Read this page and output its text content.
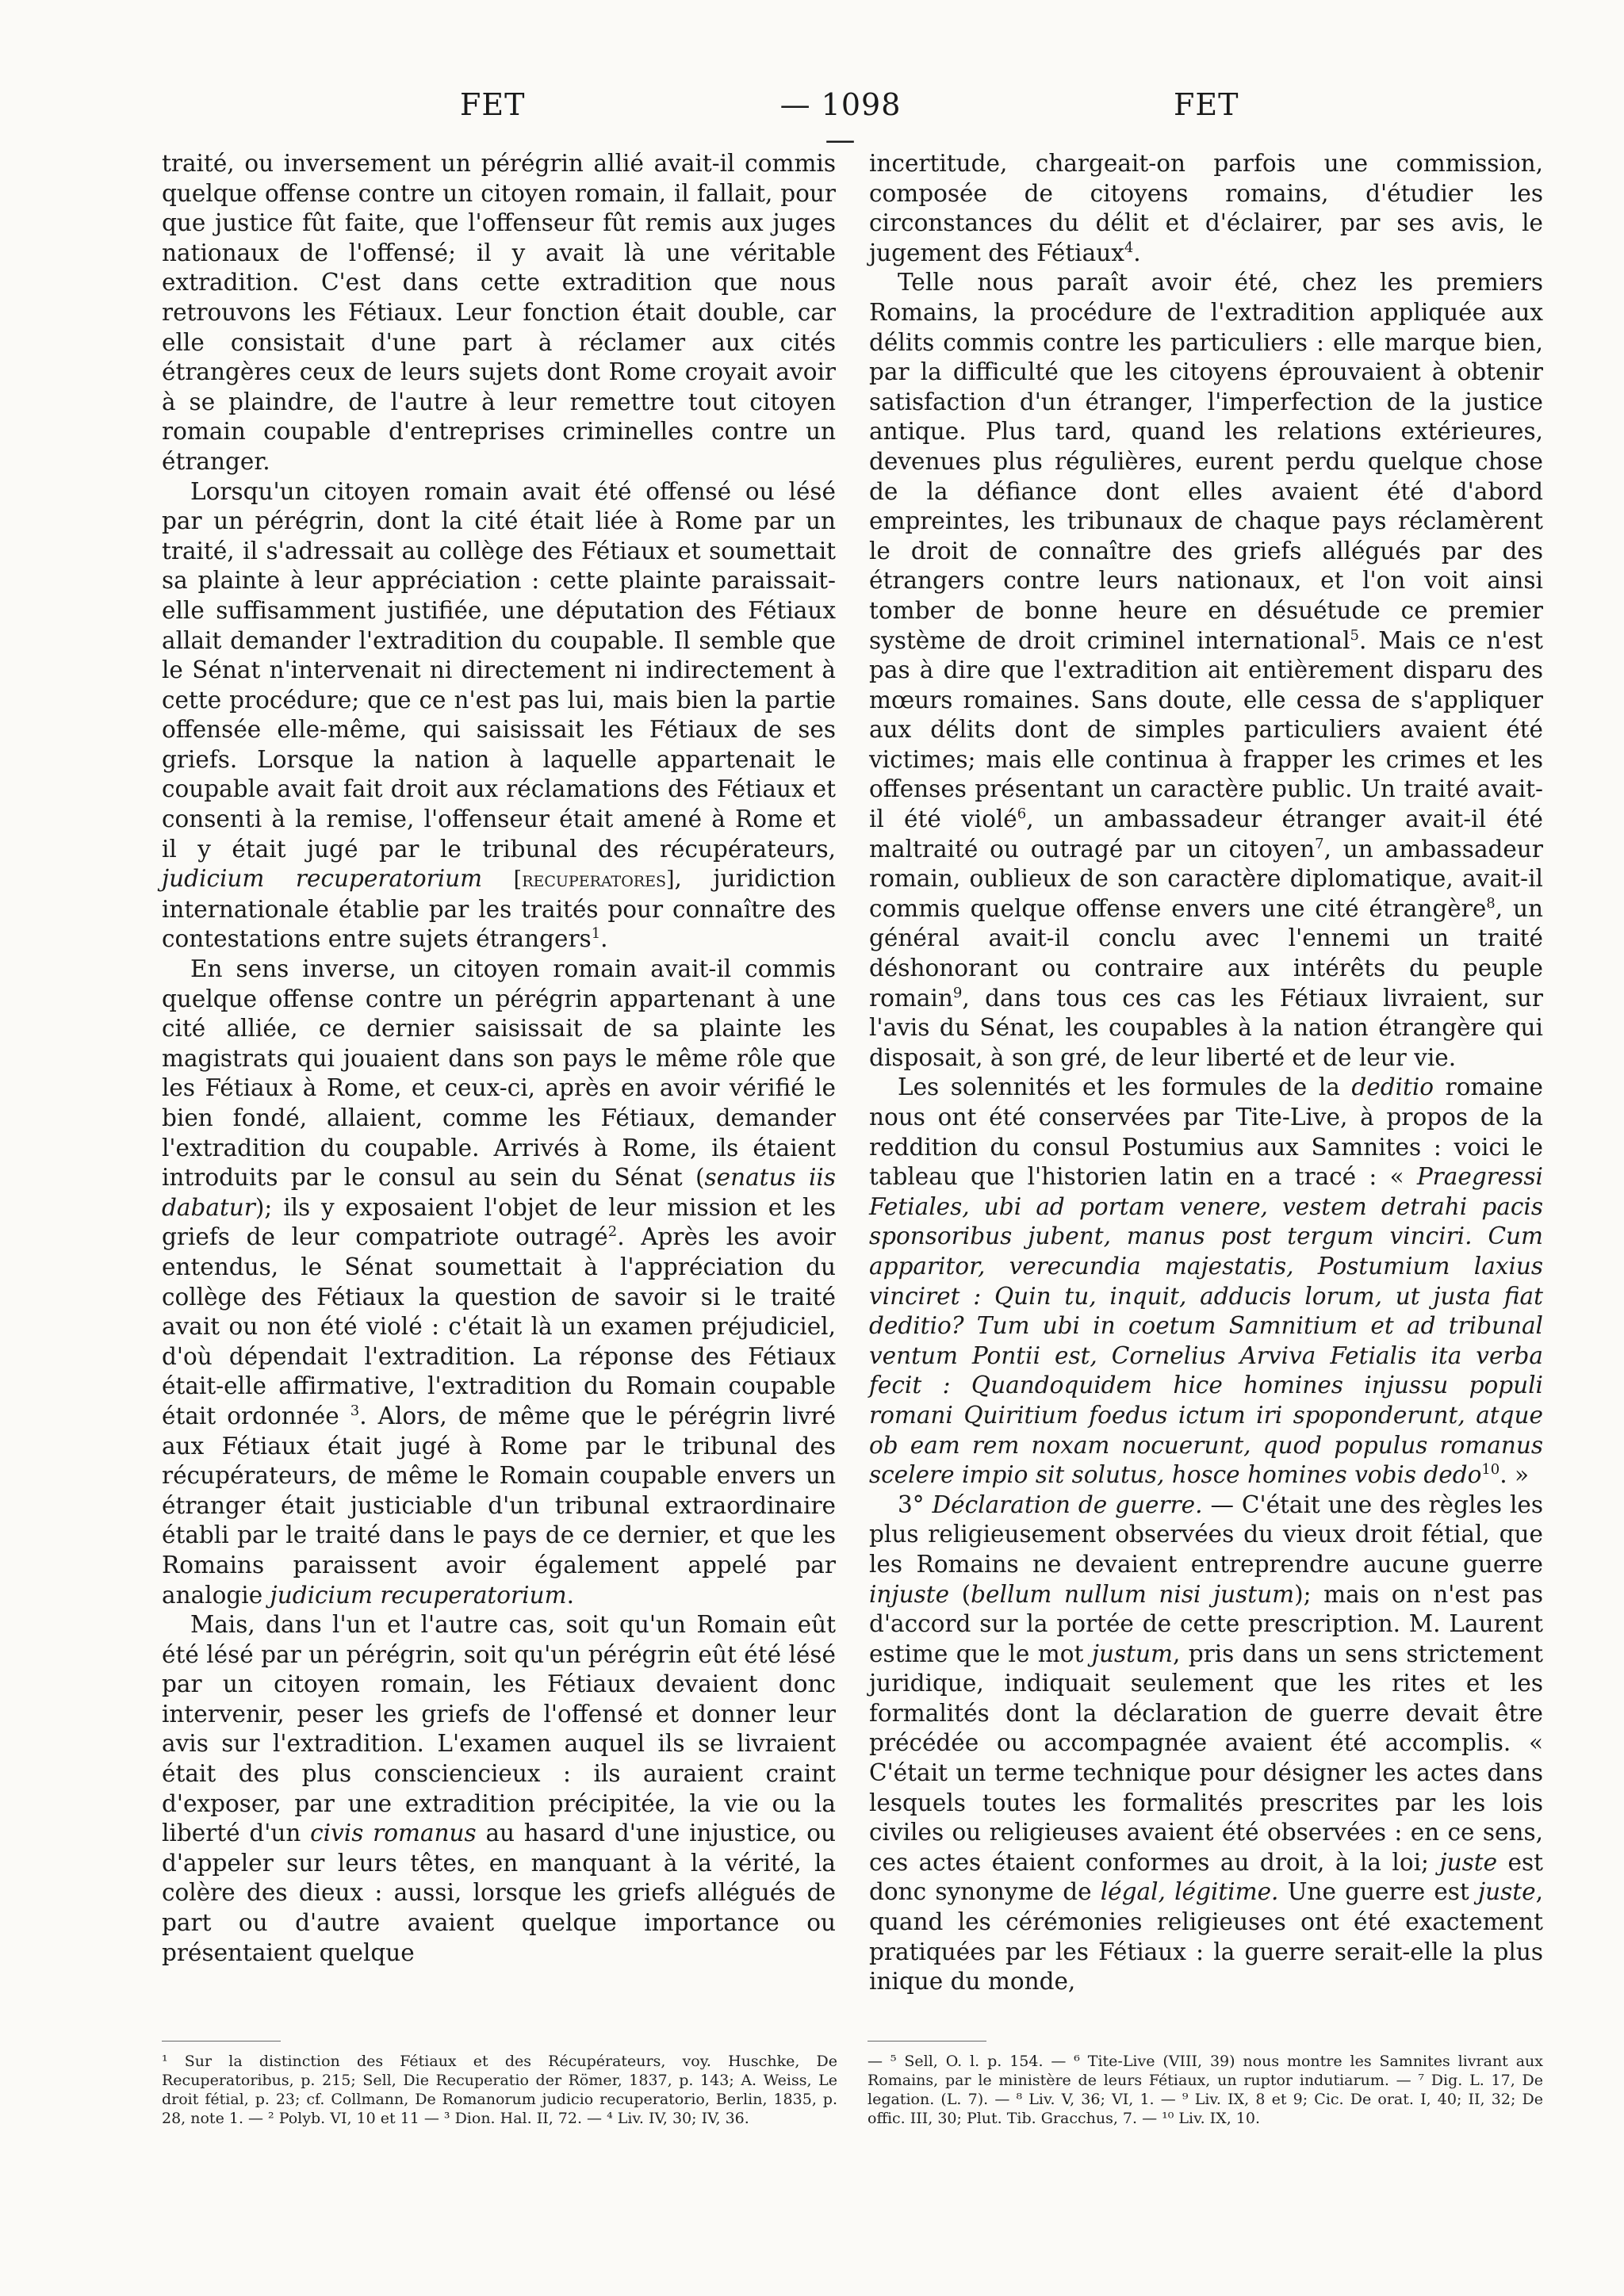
FET	— 1098 —
FET

traité, ou inversement un pérégrin allié avait-il commis quelque offense contre un citoyen romain, il fallait, pour que justice fût faite, que l'offenseur fût remis aux juges nationaux de l'offensé; il y avait là une véritable extradition. C'est dans cette extradition que nous retrouvons les Fétiaux. Leur fonction était double, car elle consistait d'une part à réclamer aux cités étrangères ceux de leurs sujets dont Rome croyait avoir à se plaindre, de l'autre à leur remettre tout citoyen romain coupable d'entreprises criminelles contre un étranger.

Lorsqu'un citoyen romain avait été offensé ou lésé par un pérégrin, dont la cité était liée à Rome par un traité, il s'adressait au collège des Fétiaux et soumettait sa plainte à leur appréciation : cette plainte paraissait-elle suffisamment justifiée, une députation des Fétiaux allait demander l'extradition du coupable. Il semble que le Sénat n'intervenait ni directement ni indirectement à cette procédure; que ce n'est pas lui, mais bien la partie offensée elle-même, qui saisissait les Fétiaux de ses griefs. Lorsque la nation à laquelle appartenait le coupable avait fait droit aux réclamations des Fétiaux et consenti à la remise, l'offenseur était amené à Rome et il y était jugé par le tribunal des récupérateurs, judicium recuperatorium [recuperatores], juridiction internationale établie par les traités pour connaître des contestations entre sujets étrangers$^1$.

En sens inverse, un citoyen romain avait-il commis quelque offense contre un pérégrin appartenant à une cité alliée, ce dernier saisissait de sa plainte les magistrats qui jouaient dans son pays le même rôle que les Fétiaux à Rome, et ceux-ci, après en avoir vérifié le bien fondé, allaient, comme les Fétiaux, demander l'extradition du coupable. Arrivés à Rome, ils étaient introduits par le consul au sein du Sénat (senatus iis dabatur); ils y exposaient l'objet de leur mission et les griefs de leur compatriote outragé$^2$. Après les avoir entendus, le Sénat soumettait à l'appréciation du collège des Fétiaux la question de savoir si le traité avait ou non été violé : c'était là un examen préjudiciel, d'où dépendait l'extradition. La réponse des Fétiaux était-elle affirmative, l'extradition du Romain coupable était ordonnée $^3$. Alors, de même que le pérégrin livré aux Fétiaux était jugé à Rome par le tribunal des récupérateurs, de même le Romain coupable envers un étranger était justiciable d'un tribunal extraordinaire établi par le traité dans le pays de ce dernier, et que les Romains paraissent avoir également appelé par analogie judicium recuperatorium.

Mais, dans l'un et l'autre cas, soit qu'un Romain eût été lésé par un pérégrin, soit qu'un pérégrin eût été lésé par un citoyen romain, les Fétiaux devaient donc intervenir, peser les griefs de l'offensé et donner leur avis sur l'extradition. L'examen auquel ils se livraient était des plus consciencieux : ils auraient craint d'exposer, par une extradition précipitée, la vie ou la liberté d'un civis romanus au hasard d'une injustice, ou d'appeler sur leurs têtes, en manquant à la vérité, la colère des dieux : aussi, lorsque les griefs allégués de part ou d'autre avaient quelque importance ou présentaient quelque

incertitude, chargeait-on parfois une commission, composée de citoyens romains, d'étudier les circonstances du délit et d'éclairer, par ses avis, le jugement des Fétiaux$^4$.

Telle nous paraît avoir été, chez les premiers Romains, la procédure de l'extradition appliquée aux délits commis contre les particuliers : elle marque bien, par la difficulté que les citoyens éprouvaient à obtenir satisfaction d'un étranger, l'imperfection de la justice antique. Plus tard, quand les relations extérieures, devenues plus régulières, eurent perdu quelque chose de la défiance dont elles avaient été d'abord empreintes, les tribunaux de chaque pays réclamèrent le droit de connaître des griefs allégués par des étrangers contre leurs nationaux, et l'on voit ainsi tomber de bonne heure en désuétude ce premier système de droit criminel international$^5$. Mais ce n'est pas à dire que l'extradition ait entièrement disparu des mœurs romaines. Sans doute, elle cessa de s'appliquer aux délits dont de simples particuliers avaient été victimes; mais elle continua à frapper les crimes et les offenses présentant un caractère public. Un traité avait-il été violé$^6$, un ambassadeur étranger avait-il été maltraité ou outragé par un citoyen$^7$, un ambassadeur romain, oublieux de son caractère diplomatique, avait-il commis quelque offense envers une cité étrangère$^8$, un général avait-il conclu avec l'ennemi un traité déshonorant ou contraire aux intérêts du peuple romain$^9$, dans tous ces cas les Fétiaux livraient, sur l'avis du Sénat, les coupables à la nation étrangère qui disposait, à son gré, de leur liberté et de leur vie.

Les solennités et les formules de la deditio romaine nous ont été conservées par Tite-Live, à propos de la reddition du consul Postumius aux Samnites : voici le tableau que l'historien latin en a tracé : « Praegressi Fetiales, ubi ad portam venere, vestem detrahi pacis sponsoribus jubent, manus post tergum vinciri. Cum apparitor, verecundia majestatis, Postumium laxius vinciret : Quin tu, inquit, adducis lorum, ut justa fiat deditio? Tum ubi in coetum Samnitium et ad tribunal ventum Pontii est, Cornelius Arviva Fetialis ita verba fecit : Quandoquidem hice homines injussu populi romani Quiritium foedus ictum iri spoponderunt, atque ob eam rem noxam nocuerunt, quod populus romanus scelere impio sit solutus, hosce homines vobis dedo$^{10}$. »

3° Déclaration de guerre. — C'était une des règles les plus religieusement observées du vieux droit fétial, que les Romains ne devaient entreprendre aucune guerre injuste (bellum nullum nisi justum); mais on n'est pas d'accord sur la portée de cette prescription. M. Laurent estime que le mot justum, pris dans un sens strictement juridique, indiquait seulement que les rites et les formalités dont la déclaration de guerre devait être précédée ou accompagnée avaient été accomplis. « C'était un terme technique pour désigner les actes dans lesquels toutes les formalités prescrites par les lois civiles ou religieuses avaient été observées : en ce sens, ces actes étaient conformes au droit, à la loi; juste est donc synonyme de légal, légitime. Une guerre est juste, quand les cérémonies religieuses ont été exactement pratiquées par les Fétiaux : la guerre serait-elle la plus inique du monde,

¹ Sur la distinction des Fétiaux et des Récupérateurs, voy. Huschke, De Recuperatoribus, p. 215; Sell, Die Recuperatio der Römer, 1837, p. 143; A. Weiss, Le droit fétial, p. 23; cf. Collmann, De Romanorum judicio recuperatorio, Berlin, 1835, p. 28, note 1. — ² Polyb. VI, 10 et 11 — ³ Dion. Hal. II, 72. — ⁴ Liv. IV, 30; IV, 36.
— ⁵ Sell, O. l. p. 154. — ⁶ Tite-Live (VIII, 39) nous montre les Samnites livrant aux Romains, par le ministère de leurs Fétiaux, un ruptor indutiarum. — ⁷ Dig. L. 17, De legation. (L. 7). — ⁸ Liv. V, 36; VI, 1. — ⁹ Liv. IX, 8 et 9; Cic. De orat. I, 40; II, 32; De offic. III, 30; Plut. Tib. Gracchus, 7. — ¹⁰ Liv. IX, 10.
